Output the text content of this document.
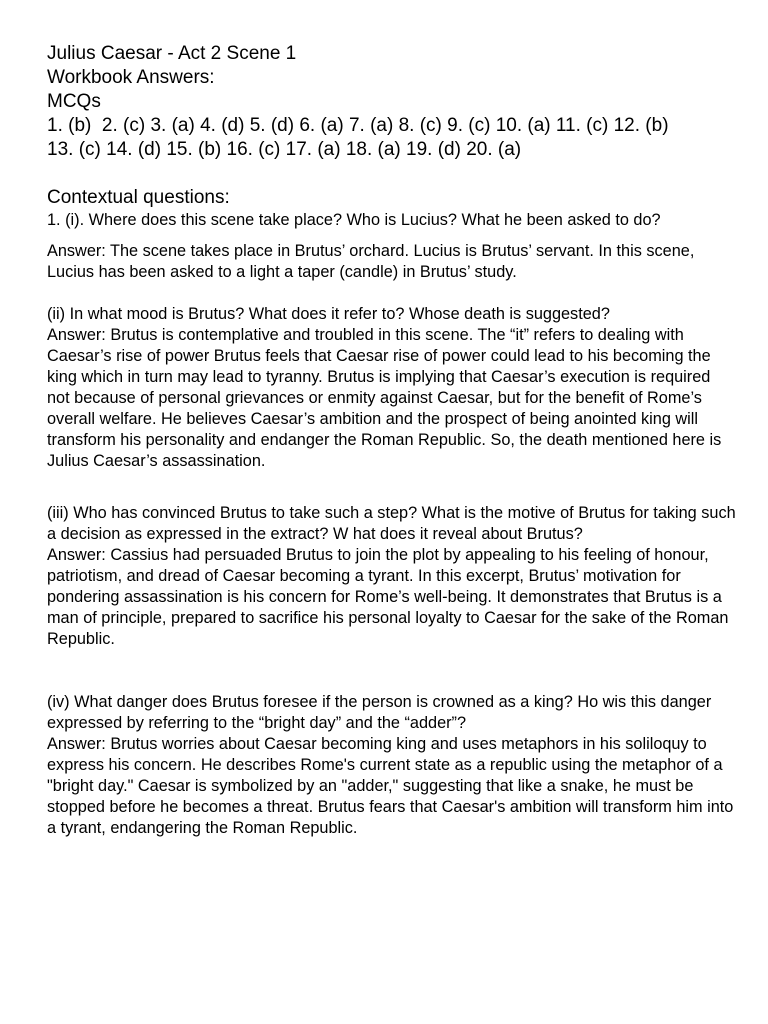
Julius Caesar - Act 2 Scene 1

Workbook Answers:

MCQs

1. (b)  2. (c) 3. (a) 4. (d) 5. (d) 6. (a) 7. (a) 8. (c) 9. (c) 10. (a) 11. (c) 12. (b)

13. (c) 14. (d) 15. (b) 16. (c) 17. (a) 18. (a) 19. (d) 20. (a)

Contextual questions:

1. (i). Where does this scene take place? Who is Lucius? What he been asked to do?

Answer: The scene takes place in Brutus’ orchard. Lucius is Brutus’ servant. In this scene, Lucius has been asked to a light a taper (candle) in Brutus’ study.

(ii) In what mood is Brutus? What does it refer to? Whose death is suggested?

Answer: Brutus is contemplative and troubled in this scene. The “it” refers to dealing with Caesar’s rise of power Brutus feels that Caesar rise of power could lead to his becoming the king which in turn may lead to tyranny. Brutus is implying that Caesar’s execution is required not because of personal grievances or enmity against Caesar, but for the benefit of Rome’s overall welfare. He believes Caesar’s ambition and the prospect of being anointed king will transform his personality and endanger the Roman Republic. So, the death mentioned here is Julius Caesar’s assassination.

(iii) Who has convinced Brutus to take such a step? What is the motive of Brutus for taking such a decision as expressed in the extract? W hat does it reveal about Brutus?

Answer: Cassius had persuaded Brutus to join the plot by appealing to his feeling of honour, patriotism, and dread of Caesar becoming a tyrant. In this excerpt, Brutus’ motivation for pondering assassination is his concern for Rome’s well-being. It demonstrates that Brutus is a man of principle, prepared to sacrifice his personal loyalty to Caesar for the sake of the Roman Republic.

(iv) What danger does Brutus foresee if the person is crowned as a king? Ho wis this danger expressed by referring to the “bright day” and the “adder”?

Answer: Brutus worries about Caesar becoming king and uses metaphors in his soliloquy to express his concern. He describes Rome's current state as a republic using the metaphor of a "bright day." Caesar is symbolized by an "adder," suggesting that like a snake, he must be stopped before he becomes a threat. Brutus fears that Caesar's ambition will transform him into a tyrant, endangering the Roman Republic.
